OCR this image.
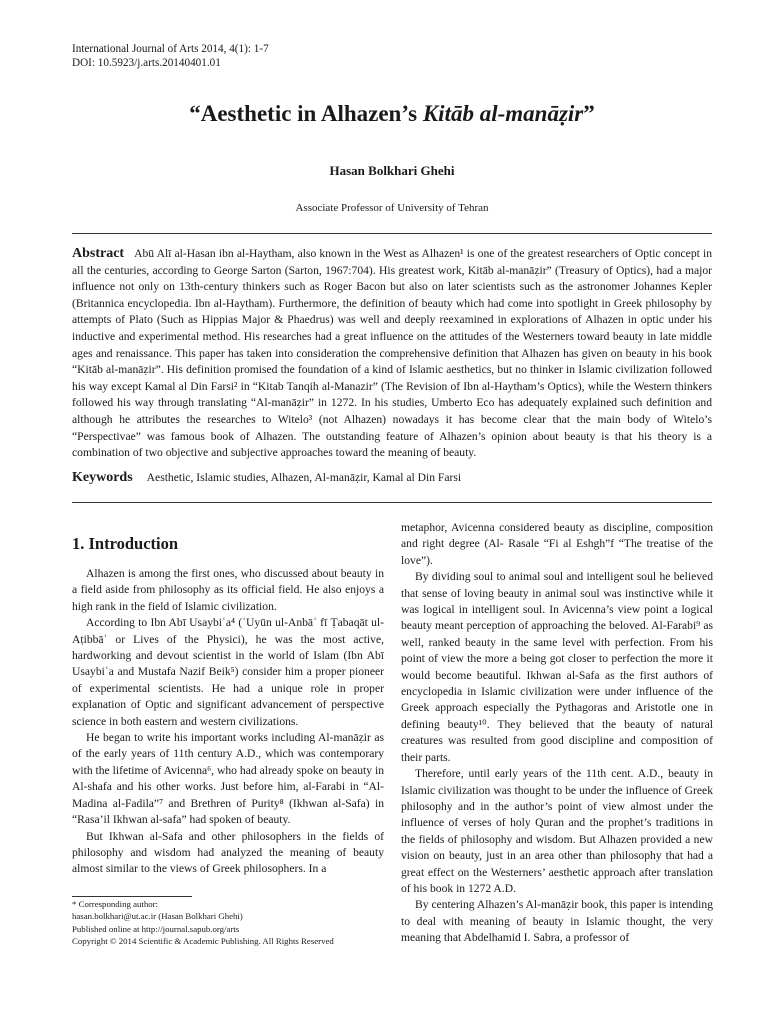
International Journal of Arts 2014, 4(1): 1-7
DOI: 10.5923/j.arts.20140401.01
“Aesthetic in Alhazen’s Kitāb al-manāẓir”
Hasan Bolkhari Ghehi
Associate Professor of University of Tehran
Abstract Abū Alī al-Hasan ibn al-Haytham, also known in the West as Alhazen¹ is one of the greatest researchers of Optic concept in all the centuries, according to George Sarton (Sarton, 1967:704). His greatest work, Kitāb al-manāẓir” (Treasury of Optics), had a major influence not only on 13th-century thinkers such as Roger Bacon but also on later scientists such as the astronomer Johannes Kepler (Britannica encyclopedia. Ibn al-Haytham). Furthermore, the definition of beauty which had come into spotlight in Greek philosophy by attempts of Plato (Such as Hippias Major & Phaedrus) was well and deeply reexamined in explorations of Alhazen in optic under his inductive and experimental method. His researches had a great influence on the attitudes of the Westerners toward beauty in late middle ages and renaissance. This paper has taken into consideration the comprehensive definition that Alhazen has given on beauty in his book “Kitāb al-manāẓir”. His definition promised the foundation of a kind of Islamic aesthetics, but no thinker in Islamic civilization followed his way except Kamal al Din Farsi² in “Kitab Tanqih al-Manazir” (The Revision of Ibn al-Haytham’s Optics), while the Western thinkers followed his way through translating “Al-manāẓir” in 1272. In his studies, Umberto Eco has adequately explained such definition and although he attributes the researches to Witelo³ (not Alhazen) nowadays it has become clear that the main body of Witelo’s “Perspectivae” was famous book of Alhazen. The outstanding feature of Alhazen’s opinion about beauty is that his theory is a combination of two objective and subjective approaches toward the meaning of beauty.
Keywords Aesthetic, Islamic studies, Alhazen, Al-manāẓir, Kamal al Din Farsi
1. Introduction

Alhazen is among the first ones, who discussed about beauty in a field aside from philosophy as its official field. He also enjoys a high rank in the field of Islamic civilization.

According to Ibn Abī Usaybiʿa⁴ (ʿUyūn ul-Anbāʾ fī Ṭabaqāt ul-Aṭibbāʾ or Lives of the Physici), he was the most active, hardworking and devout scientist in the world of Islam (Ibn Abī Usaybiʿa and Mustafa Nazif Beik⁵) consider him a proper pioneer of experimental scientists. He had a unique role in proper explanation of Optic and significant advancement of perspective science in both eastern and western civilizations.

He began to write his important works including Al-manāẓir as of the early years of 11th century A.D., which was contemporary with the lifetime of Avicenna⁶, who had already spoke on beauty in Al-shafa and his other works. Just before him, al-Farabi in “Al-Madina al-Fadila”⁷ and Brethren of Purity⁸ (Ikhwan al-Safa) in “Rasa’il Ikhwan al-safa” had spoken of beauty.

But Ikhwan al-Safa and other philosophers in the fields of philosophy and wisdom had analyzed the meaning of beauty almost similar to the views of Greek philosophers. In a

metaphor, Avicenna considered beauty as discipline, composition and right degree (Al- Rasale “Fi al Eshgh”f “The treatise of the love”).

By dividing soul to animal soul and intelligent soul he believed that sense of loving beauty in animal soul was instinctive while it was logical in intelligent soul. In Avicenna’s view point a logical beauty meant perception of approaching the beloved. Al-Farabi⁹ as well, ranked beauty in the same level with perfection. From his point of view the more a being got closer to perfection the more it would become beautiful. Ikhwan al-Safa as the first authors of encyclopedia in Islamic civilization were under influence of the Greek approach especially the Pythagoras and Aristotle one in defining beauty¹⁰. They believed that the beauty of natural creatures was resulted from good discipline and composition of their parts.

Therefore, until early years of the 11th cent. A.D., beauty in Islamic civilization was thought to be under the influence of Greek philosophy and in the author’s point of view almost under the influence of verses of holy Quran and the prophet’s traditions in the fields of philosophy and wisdom. But Alhazen provided a new vision on beauty, just in an area other than philosophy that had a great effect on the Westerners’ aesthetic approach after translation of his book in 1272 A.D.

By centering Alhazen’s Al-manāẓir book, this paper is intending to deal with meaning of beauty in Islamic thought, the very meaning that Abdelhamid I. Sabra, a professor of

* Corresponding author:
hasan.bolkhari@ut.ac.ir (Hasan Bolkhari Ghehi)
Published online at http://journal.sapub.org/arts
Copyright © 2014 Scientific & Academic Publishing. All Rights Reserved
